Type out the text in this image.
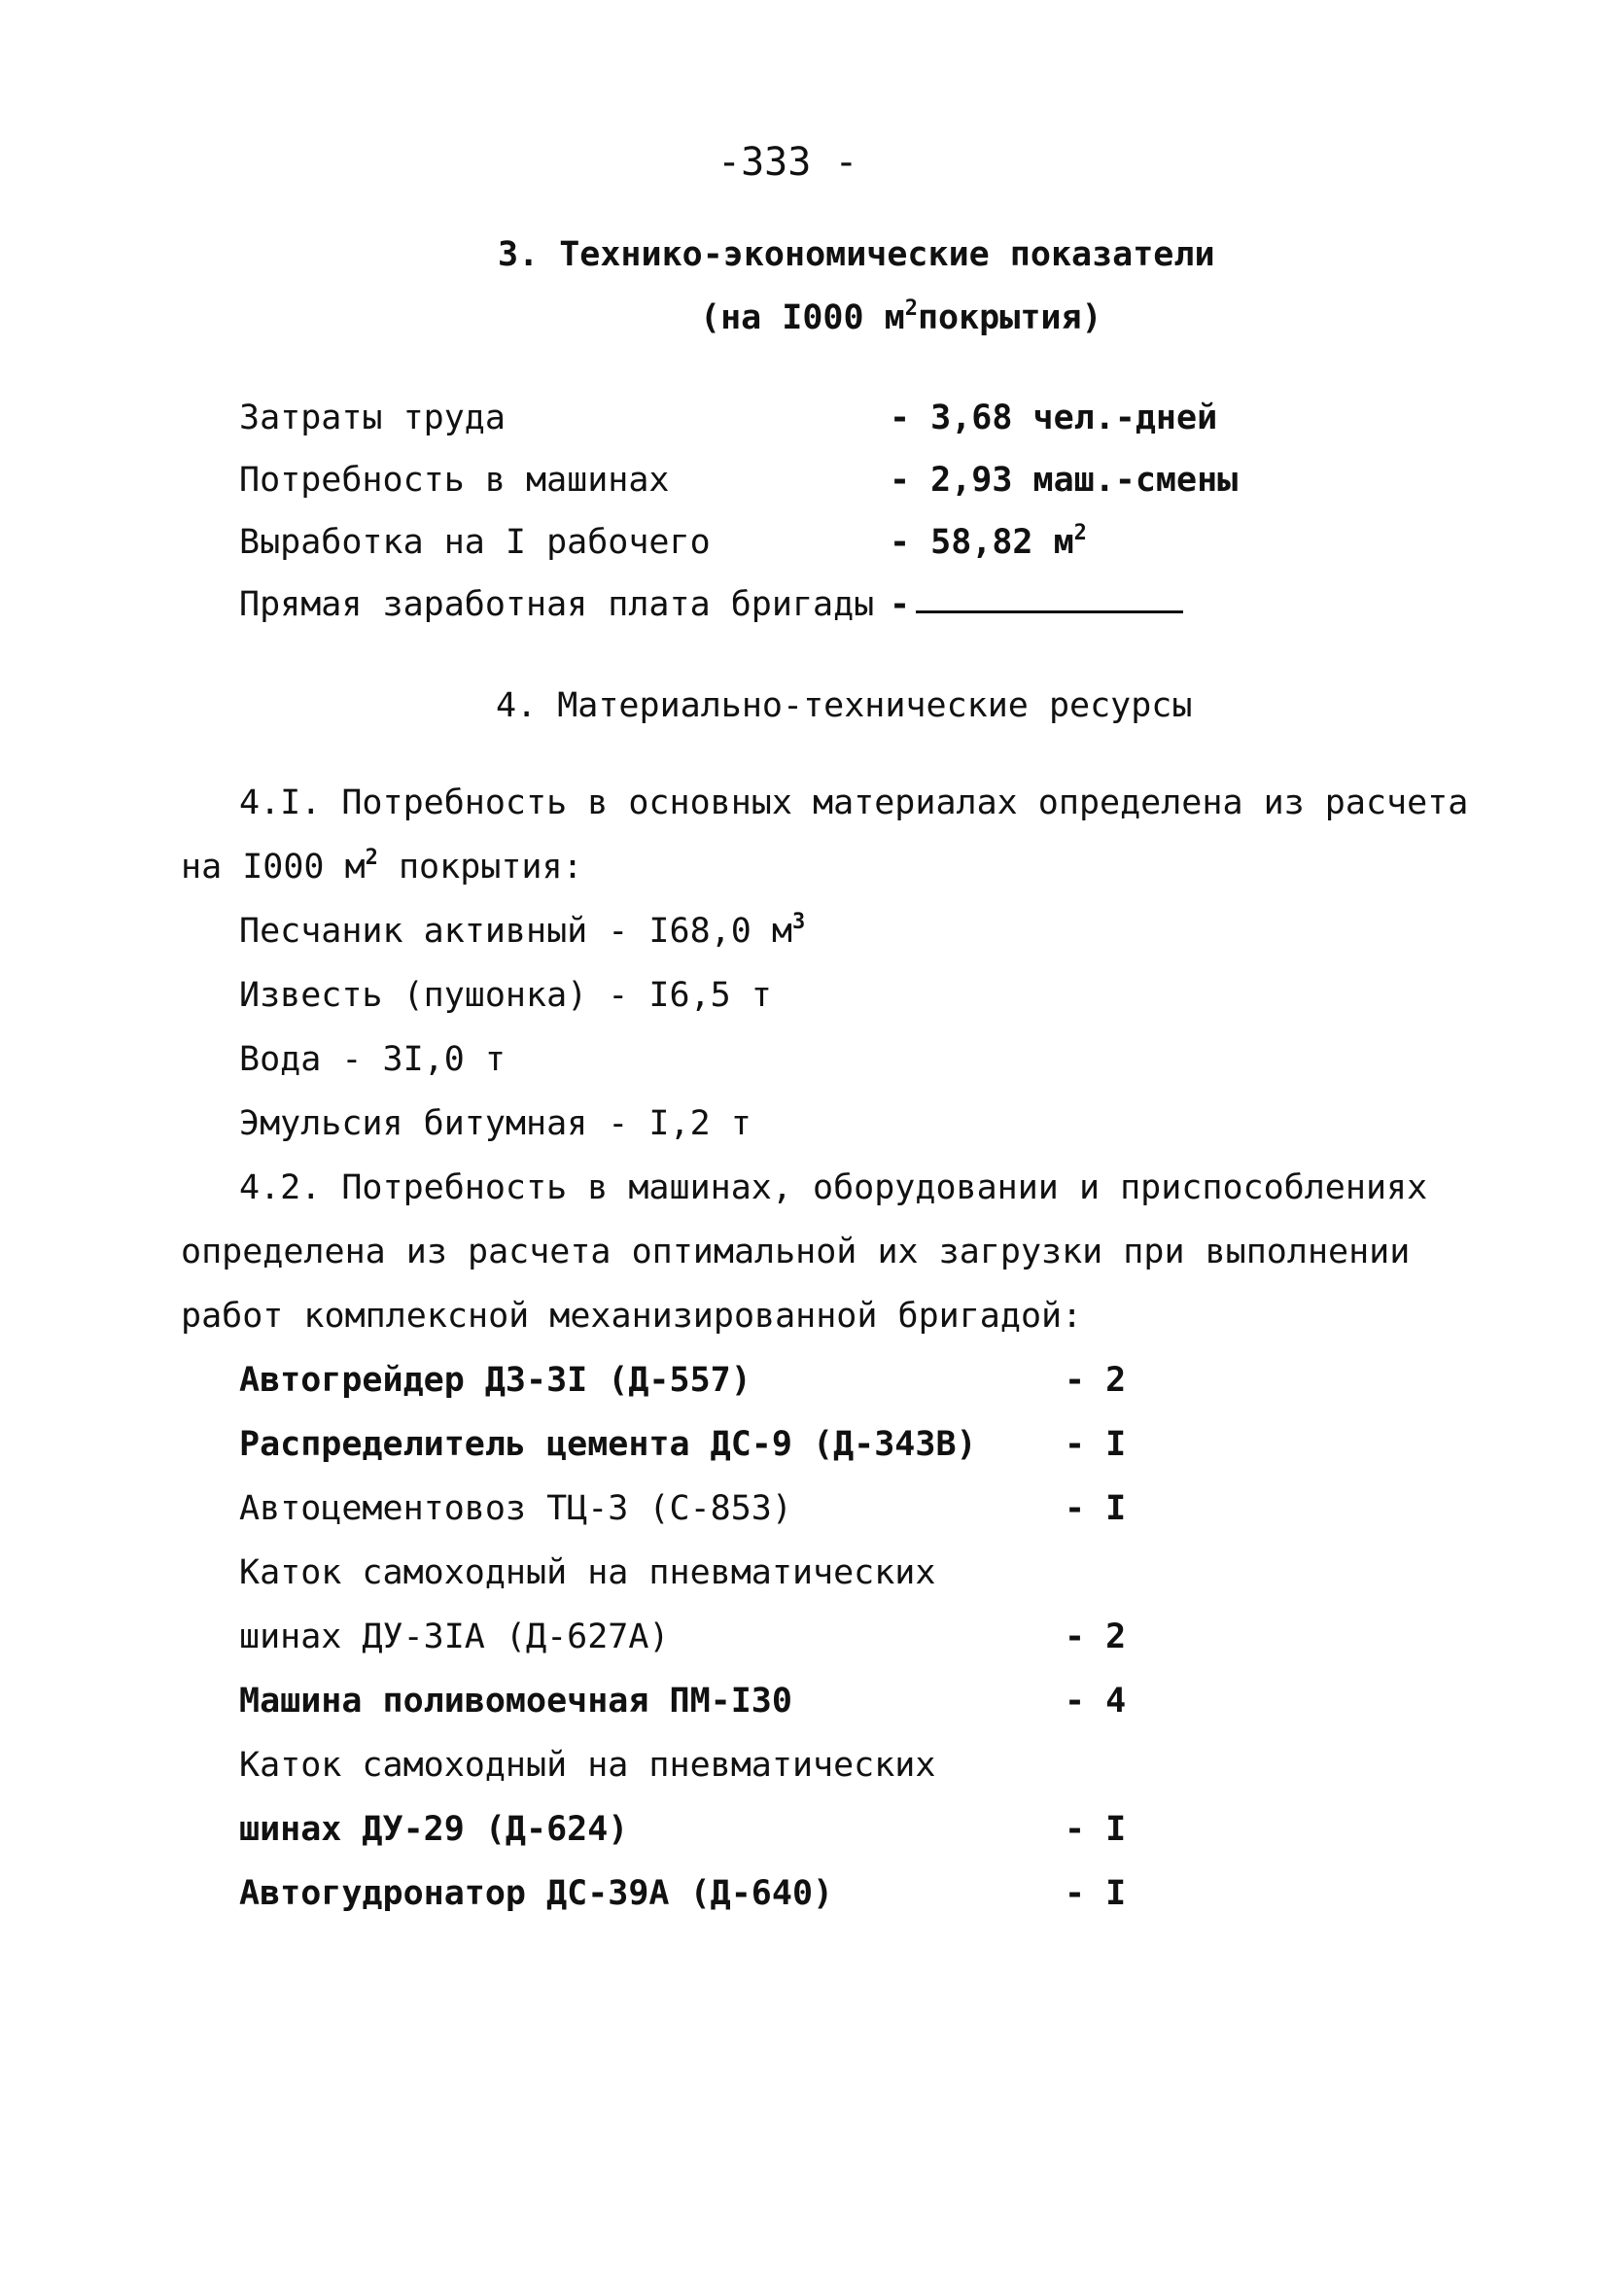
-333 -
3. Технико-экономические показатели
(на I000 $м^2покрытия$)
Затраты труда	- 3,68 чел.-дней
Потребность в машинах	- 2,93 маш.-смены
Выработка на I рабочего	- 58,82 $м^2$
Прямая заработная плата бригады -
4. Материально-технические ресурсы
4.I. Потребность в основных материалах определена из расчета
на I000 $м^2$ покрытия:
Песчаник активный - I68,0 $м^3$
Известь (пушонка) - I6,5 т
Вода - 3I,0 т
Эмульсия битумная - I,2 т
4.2. Потребность в машинах, оборудовании и приспособлениях
определена из расчета оптимальной их загрузки при выполнении
работ комплексной механизированной бригадой:
Автогрейдер ДЗ-3I (Д-557)	- 2
Распределитель цемента ДС-9 (Д-343В)	- I
Автоцементовоз ТЦ-3 (С-853)	- I
Каток самоходный на пневматических
шинах ДУ-3IA (Д-627А)	- 2
Машина поливомоечная ПМ-I30	- 4
Каток самоходный на пневматических
шинах ДУ-29 (Д-624)	- I
Автогудронатор ДС-39А (Д-640)	- I
